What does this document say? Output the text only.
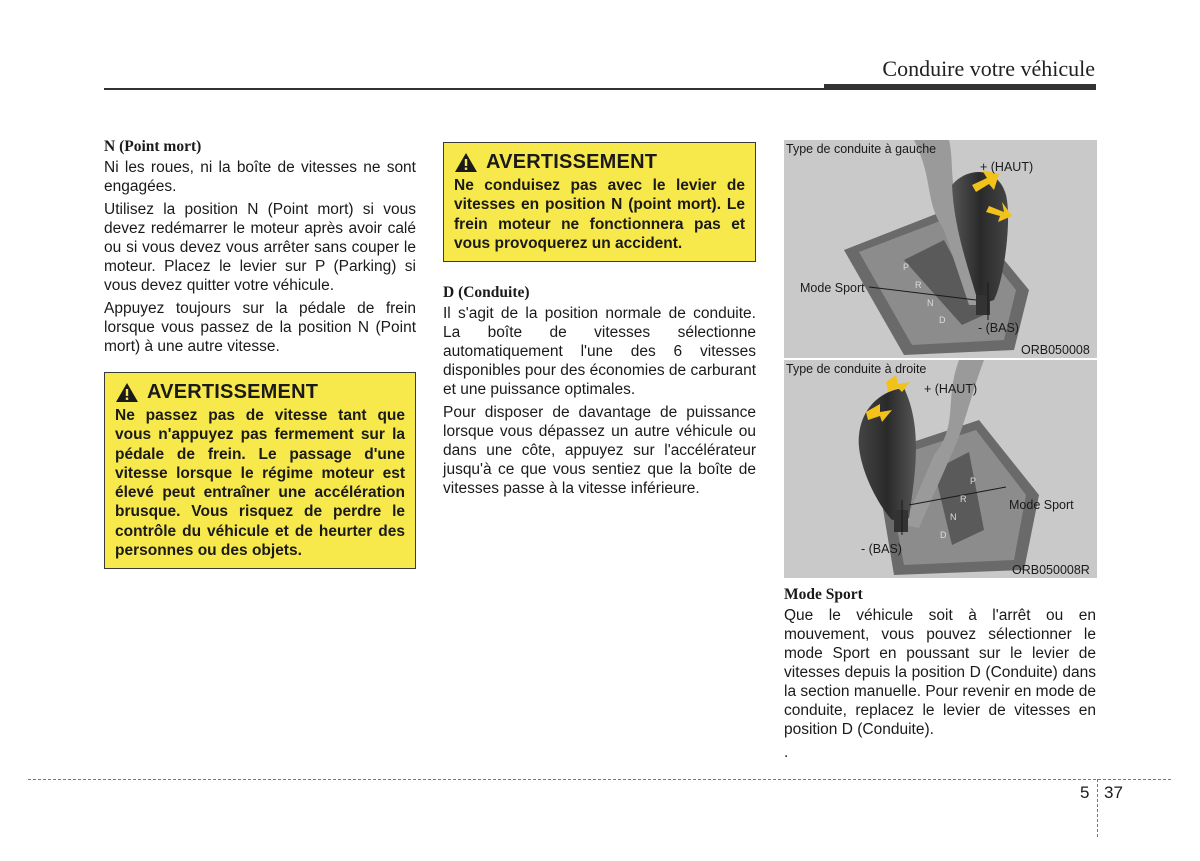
Conduire votre véhicule
N (Point mort)
Ni les roues, ni la boîte de vitesses ne sont engagées.
Utilisez la position N (Point mort) si vous devez redémarrer le moteur après avoir calé ou si vous devez vous arrêter sans couper le moteur. Placez le levier sur P (Parking) si vous devez quitter votre véhicule.
Appuyez toujours sur la pédale de frein lorsque vous passez de la position N (Point mort) à une autre vitesse.
AVERTISSEMENT
Ne passez pas de vitesse tant que vous n'appuyez pas fermement sur la pédale de frein. Le passage d'une vitesse lorsque le régime moteur est élevé peut entraîner une accélération brusque. Vous risquez de perdre le contrôle du véhicule et de heurter des personnes ou des objets.
AVERTISSEMENT
Ne conduisez pas avec le levier de vitesses en position N (point mort). Le frein moteur ne fonctionnera pas et vous provoquerez un accident.
D (Conduite)
Il s'agit de la position normale de conduite. La boîte de vitesses sélectionne automatiquement l'une des 6 vitesses disponibles pour des économies de carburant et une puissance optimales.
Pour disposer de davantage de puissance lorsque vous dépassez un autre véhicule ou dans une côte, appuyez sur l'accélérateur jusqu'à ce que vous sentiez que la boîte de vitesses passe à la vitesse inférieure.
Type de conduite à gauche
+ (HAUT)
Mode Sport
- (BAS)
ORB050008
P
R
N
D
Type de conduite à droite
+ (HAUT)
Mode Sport
- (BAS)
ORB050008R
P
R
N
D
Mode Sport
Que le véhicule soit à l'arrêt ou en mouvement, vous pouvez sélectionner le mode Sport en poussant sur le levier de vitesses depuis la position D (Conduite) dans la section manuelle. Pour revenir en mode de conduite, replacez le levier de vitesses en position D (Conduite).
.
5 37
